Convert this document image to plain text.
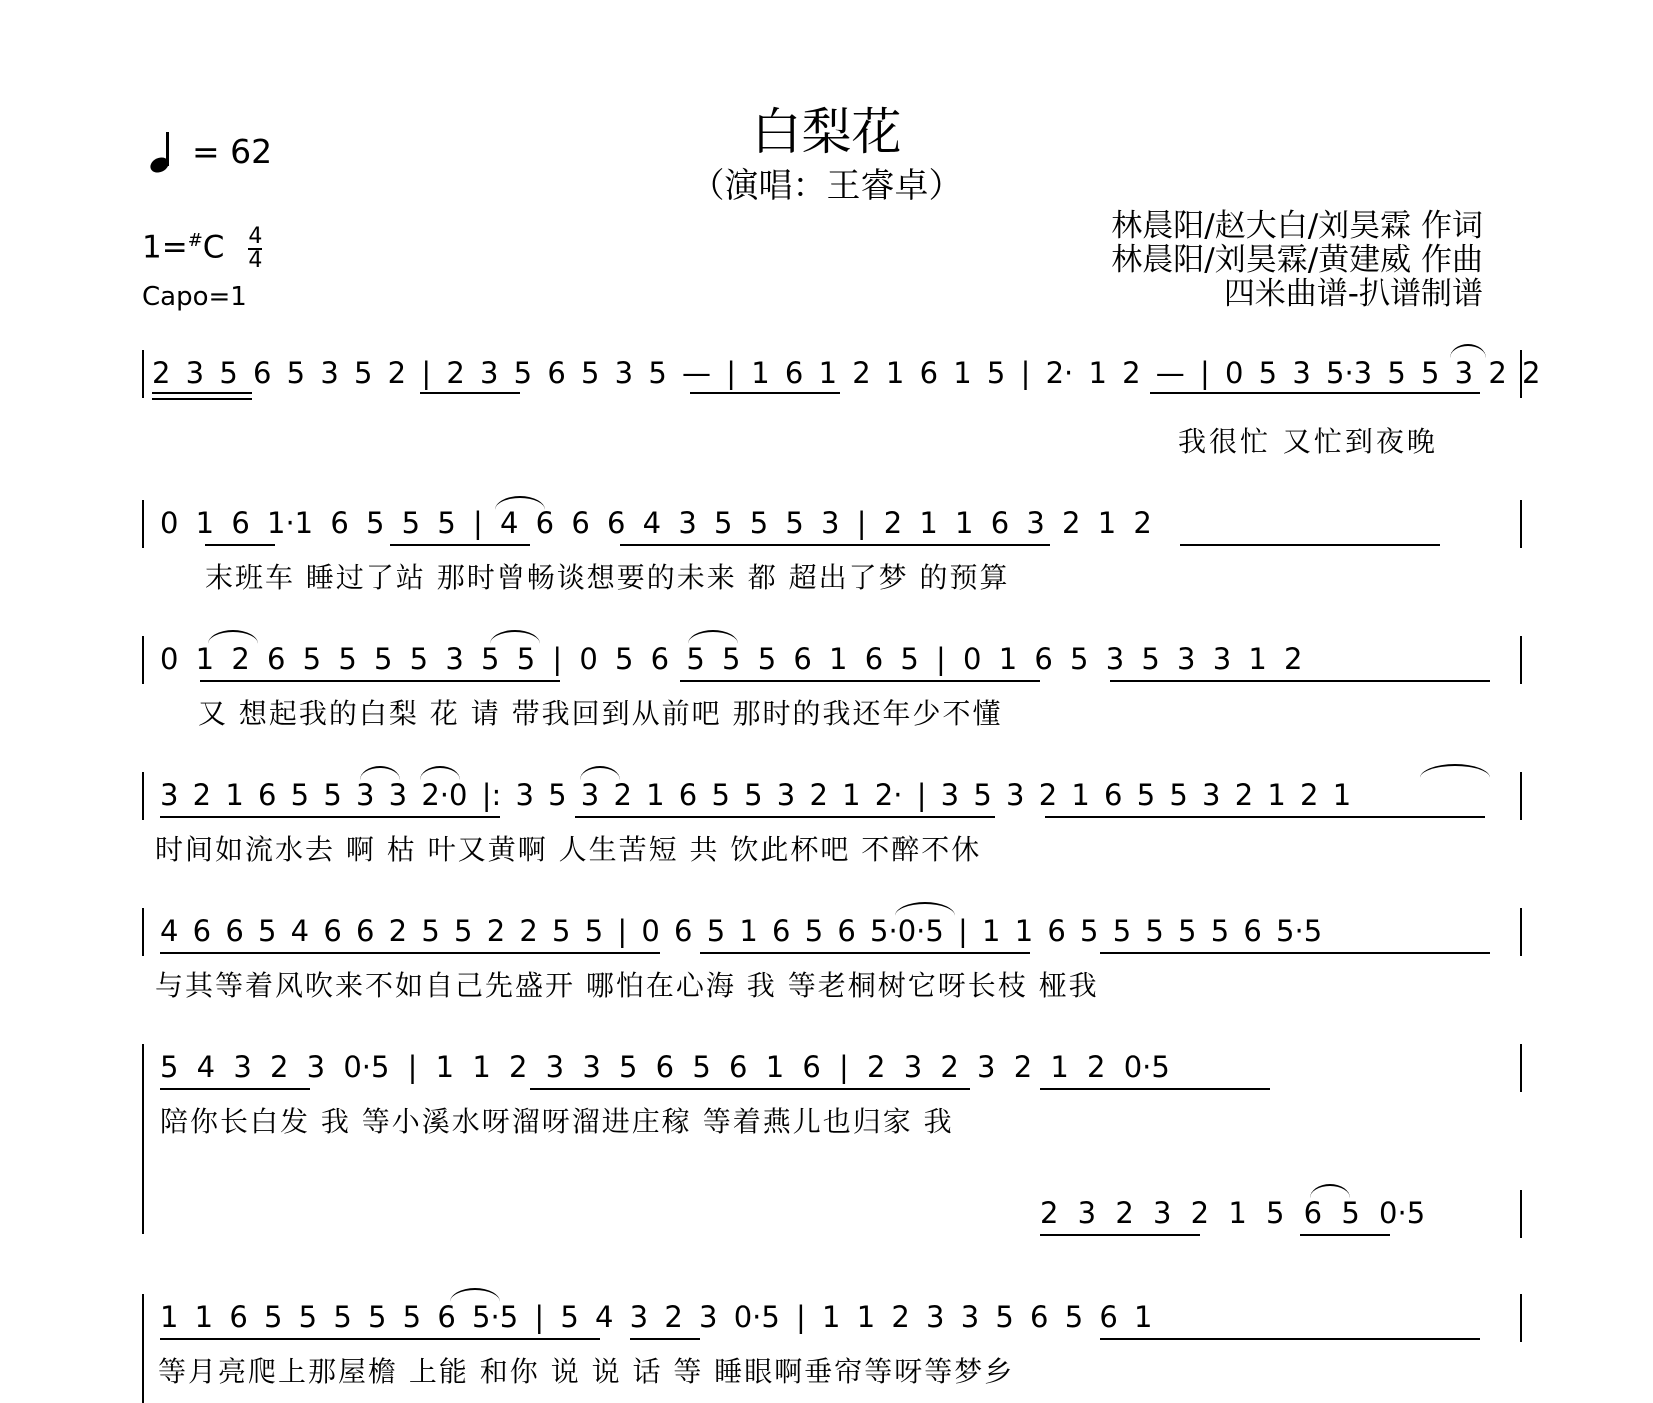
白梨花
（演唱：王睿卓）
= 62
$1=^{\#}C \frac{4}{4}$
Capo=1
林晨阳/赵大白/刘昊霖 作词
林晨阳/刘昊霖/黄建威 作曲
四米曲谱-扒谱制谱
2 3 5 6 5 3 5 2 | 2 3 5 6 5 3 5 — | 1 6 1 2 1 6 1 5 | 2· 1 2 — | 0 5 3 5·3 5 5 3 2 2
我很忙 又忙到夜晚
0 1 6 1·1 6 5 5 5 | 4 6 6 6 4 3 5 5 5 3 | 2 1 1 6 3 2 1 2
末班车 睡过了站 那时曾畅谈想要的未来 都 超出了梦 的预算
0 1 2 6 5 5 5 5 3 5 5 | 0 5 6 5 5 5 6 1 6 5 | 0 1 6 5 3 5 3 3 1 2
又 想起我的白梨 花 请 带我回到从前吧 那时的我还年少不懂
3 2 1 6 5 5 3 3 2·0 |: 3 5 3 2 1 6 5 5 3 2 1 2· | 3 5 3 2 1 6 5 5 3 2 1 2 1
时间如流水去 啊 枯 叶又黄啊 人生苦短 共 饮此杯吧 不醉不休
4 6 6 5 4 6 6 2 5 5 2 2 5 5 | 0 6 5 1 6 5 6 5·0·5 | 1 1 6 5 5 5 5 5 6 5·5
与其等着风吹来不如自己先盛开 哪怕在心海 我 等老桐树它呀长枝 桠我
5 4 3 2 3 0·5 | 1 1 2 3 3 5 6 5 6 1 6 | 2 3 2 3 2 1 2 0·5
陪你长白发 我 等小溪水呀溜呀溜进庄稼 等着燕儿也归家 我
2 3 2 3 2 1 5 6 5 0·5
1 1 6 5 5 5 5 5 6 5·5 | 5 4 3 2 3 0·5 | 1 1 2 3 3 5 6 5 6 1
等月亮爬上那屋檐 上能 和你 说 说 话 等 睡眼啊垂帘等呀等梦乡
